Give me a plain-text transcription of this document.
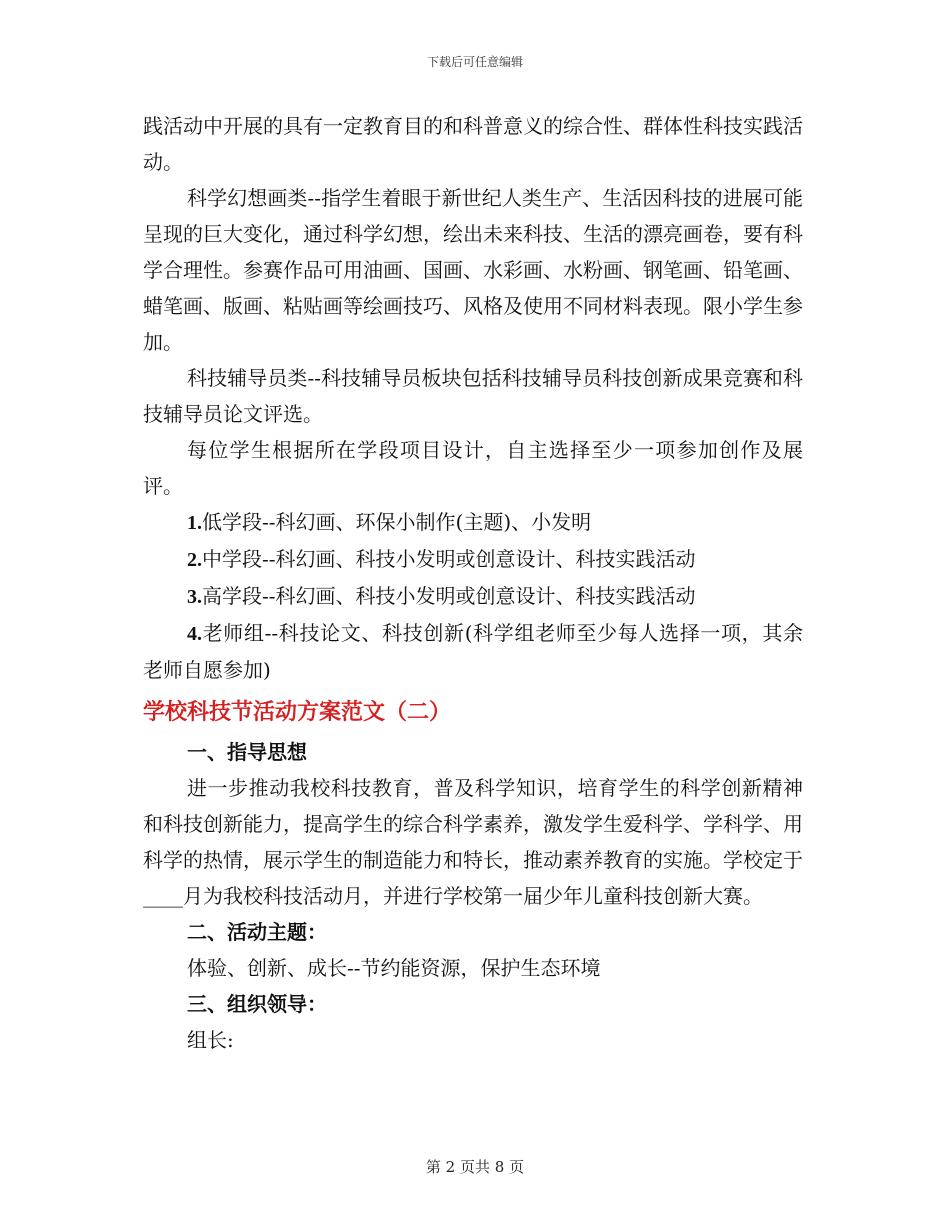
下载后可任意编辑

践活动中开展的具有一定教育目的和科普意义的综合性、群体性科技实践活动。

科学幻想画类--指学生着眼于新世纪人类生产、生活因科技的进展可能呈现的巨大变化，通过科学幻想，绘出未来科技、生活的漂亮画卷，要有科学合理性。参赛作品可用油画、国画、水彩画、水粉画、钢笔画、铅笔画、蜡笔画、版画、粘贴画等绘画技巧、风格及使用不同材料表现。限小学生参加。

科技辅导员类--科技辅导员板块包括科技辅导员科技创新成果竞赛和科技辅导员论文评选。

每位学生根据所在学段项目设计，自主选择至少一项参加创作及展评。

1.低学段--科幻画、环保小制作(主题)、小发明

2.中学段--科幻画、科技小发明或创意设计、科技实践活动

3.高学段--科幻画、科技小发明或创意设计、科技实践活动

4.老师组--科技论文、科技创新(科学组老师至少每人选择一项，其余老师自愿参加)

学校科技节活动方案范文（二）

一、指导思想

进一步推动我校科技教育，普及科学知识，培育学生的科学创新精神和科技创新能力，提高学生的综合科学素养，激发学生爱科学、学科学、用科学的热情，展示学生的制造能力和特长，推动素养教育的实施。学校定于____月为我校科技活动月，并进行学校第一届少年儿童科技创新大赛。

二、活动主题：

体验、创新、成长--节约能资源，保护生态环境

三、组织领导：

组长:

第 2 页共 8 页
